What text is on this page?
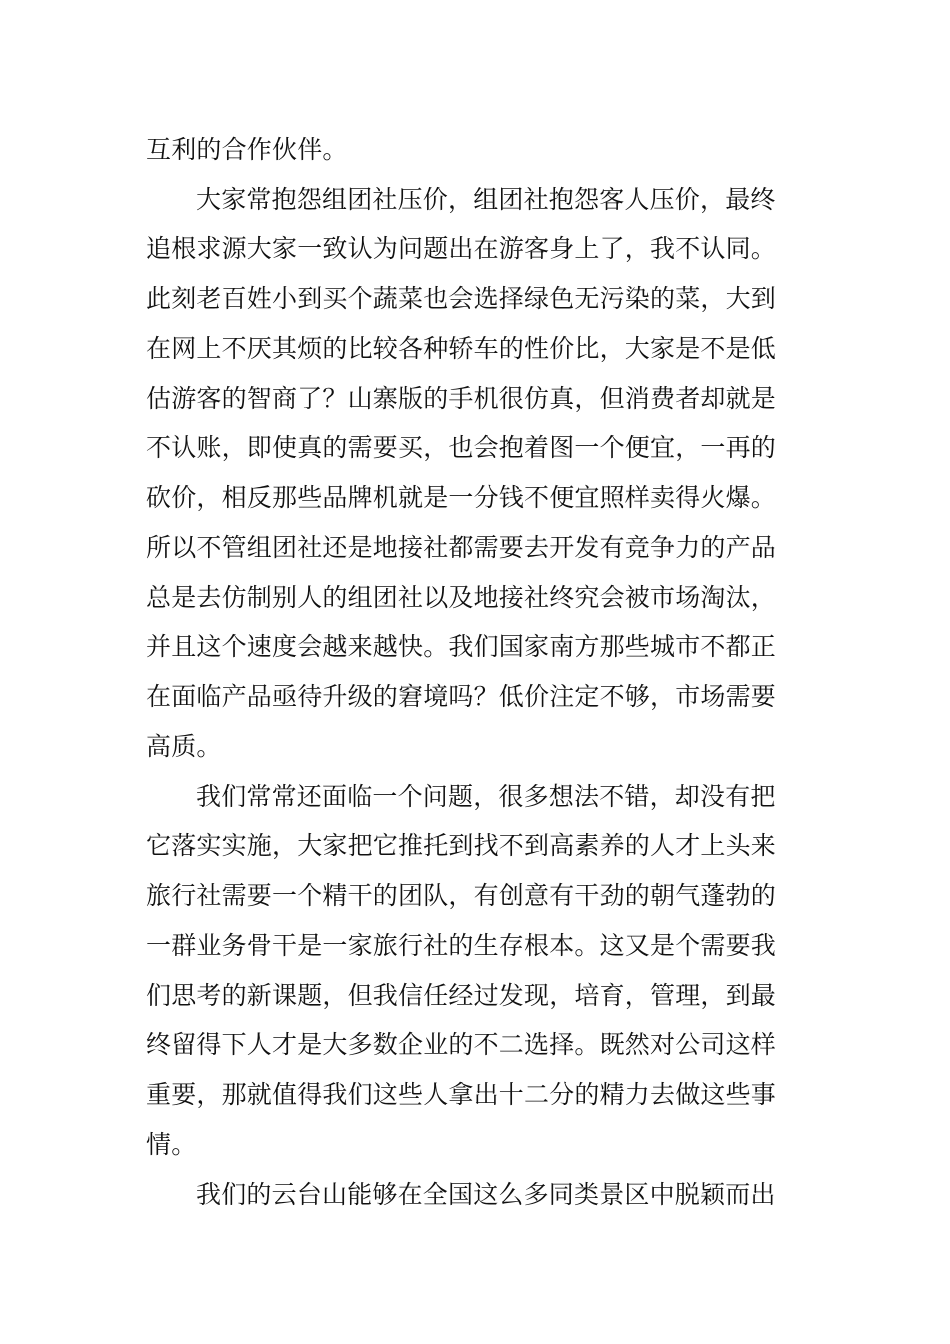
互利的合作伙伴。
大家常抱怨组团社压价，组团社抱怨客人压价，最终
追根求源大家一致认为问题出在游客身上了，我不认同。
此刻老百姓小到买个蔬菜也会选择绿色无污染的菜，大到
在网上不厌其烦的比较各种轿车的性价比，大家是不是低
估游客的智商了？山寨版的手机很仿真，但消费者却就是
不认账，即使真的需要买，也会抱着图一个便宜，一再的
砍价，相反那些品牌机就是一分钱不便宜照样卖得火爆。
所以不管组团社还是地接社都需要去开发有竞争力的产品
总是去仿制别人的组团社以及地接社终究会被市场淘汰，
并且这个速度会越来越快。我们国家南方那些城市不都正
在面临产品亟待升级的窘境吗？低价注定不够，市场需要
高质。
我们常常还面临一个问题，很多想法不错，却没有把
它落实实施，大家把它推托到找不到高素养的人才上头来
旅行社需要一个精干的团队，有创意有干劲的朝气蓬勃的
一群业务骨干是一家旅行社的生存根本。这又是个需要我
们思考的新课题，但我信任经过发现，培育，管理，到最
终留得下人才是大多数企业的不二选择。既然对公司这样
重要，那就值得我们这些人拿出十二分的精力去做这些事
情。
我们的云台山能够在全国这么多同类景区中脱颖而出
